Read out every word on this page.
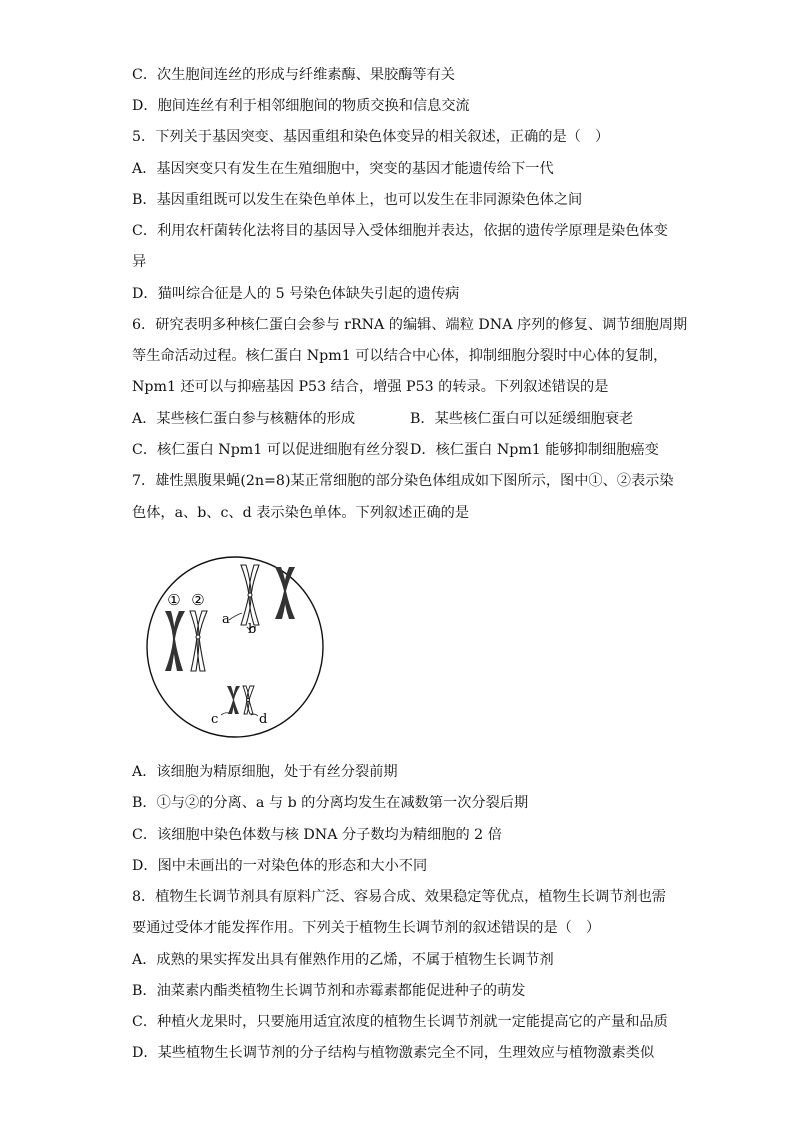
C．次生胞间连丝的形成与纤维素酶、果胶酶等有关
D．胞间连丝有利于相邻细胞间的物质交换和信息交流
5．下列关于基因突变、基因重组和染色体变异的相关叙述，正确的是（　）
A．基因突变只有发生在生殖细胞中，突变的基因才能遗传给下一代
B．基因重组既可以发生在染色单体上，也可以发生在非同源染色体之间
C．利用农杆菌转化法将目的基因导入受体细胞并表达，依据的遗传学原理是染色体变
异
D．猫叫综合征是人的 5 号染色体缺失引起的遗传病
6．研究表明多种核仁蛋白会参与 rRNA 的编辑、端粒 DNA 序列的修复、调节细胞周期
等生命活动过程。核仁蛋白 Npm1 可以结合中心体，抑制细胞分裂时中心体的复制，
Npm1 还可以与抑癌基因 P53 结合，增强 P53 的转录。下列叙述错误的是
A．某些核仁蛋白参与核糖体的形成	B．某些核仁蛋白可以延缓细胞衰老
C．核仁蛋白 Npm1 可以促进细胞有丝分裂 D．核仁蛋白 Npm1 能够抑制细胞癌变
7．雄性黑腹果蝇(2n=8)某正常细胞的部分染色体组成如下图所示，图中①、②表示染
色体，a、b、c、d 表示染色单体。下列叙述正确的是
① ②
a
b
c	d
A．该细胞为精原细胞，处于有丝分裂前期
B．①与②的分离、a 与 b 的分离均发生在减数第一次分裂后期
C．该细胞中染色体数与核 DNA 分子数均为精细胞的 2 倍
D．图中未画出的一对染色体的形态和大小不同
8．植物生长调节剂具有原料广泛、容易合成、效果稳定等优点，植物生长调节剂也需
要通过受体才能发挥作用。下列关于植物生长调节剂的叙述错误的是（　）
A．成熟的果实挥发出具有催熟作用的乙烯，不属于植物生长调节剂
B．油菜素内酯类植物生长调节剂和赤霉素都能促进种子的萌发
C．种植火龙果时，只要施用适宜浓度的植物生长调节剂就一定能提高它的产量和品质
D．某些植物生长调节剂的分子结构与植物激素完全不同，生理效应与植物激素类似
